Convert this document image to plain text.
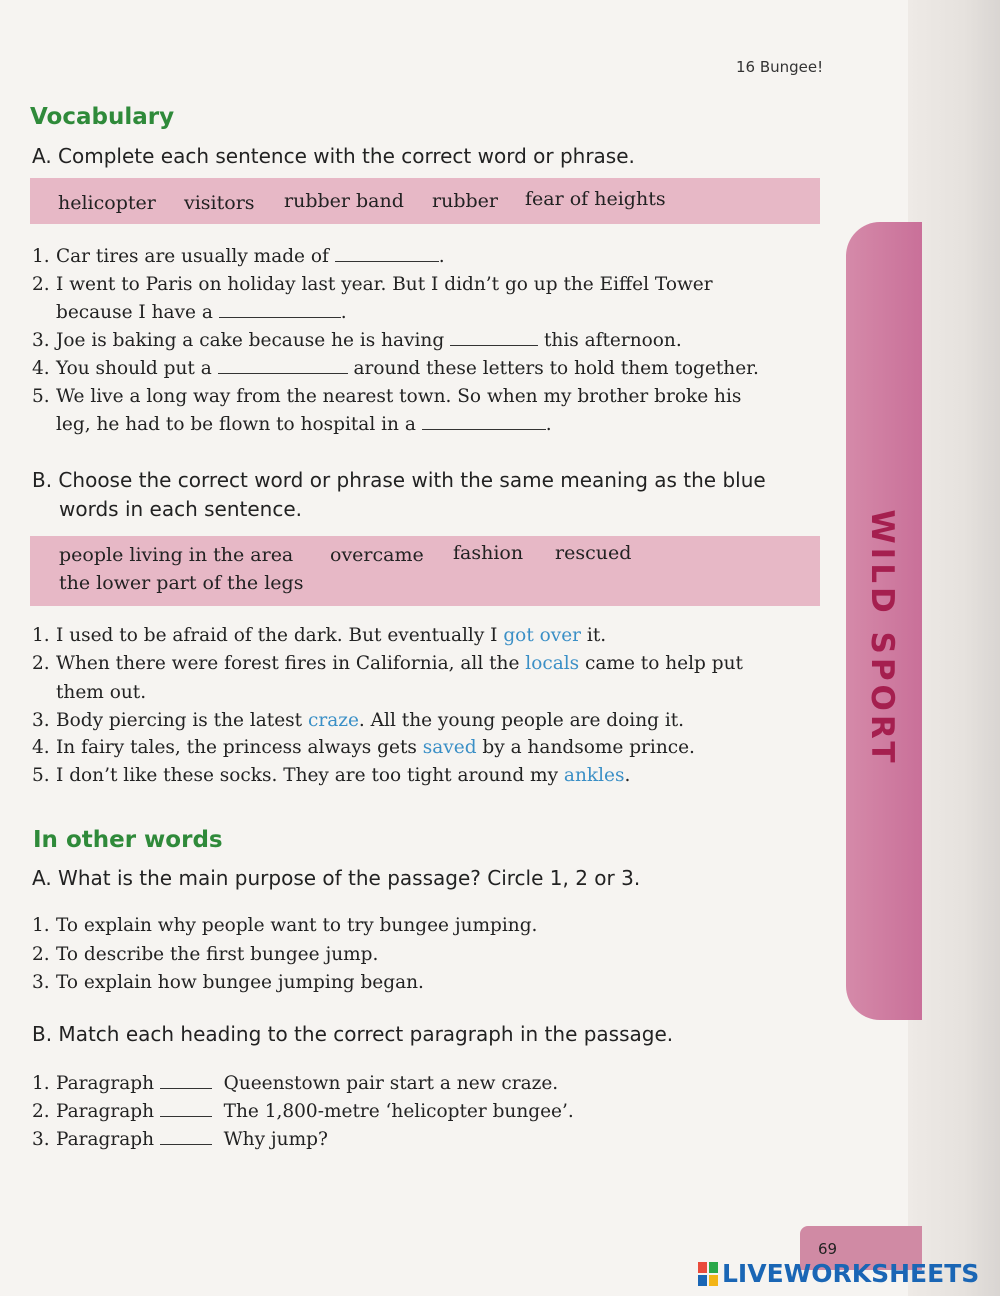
16 Bungee!
Vocabulary
A. Complete each sentence with the correct word or phrase.
helicopter visitors rubber band rubber fear of heights
1. Car tires are usually made of	.
2. I went to Paris on holiday last year. But I didn’t go up the Eiffel Tower
because I have a	.
3. Joe is baking a cake because he is having	this afternoon.
4. You should put a	around these letters to hold them together.
5. We live a long way from the nearest town. So when my brother broke his
leg, he had to be flown to hospital in a	.
B. Choose the correct word or phrase with the same meaning as the blue
words in each sentence.
people living in the area overcame fashion rescued
the lower part of the legs
1. I used to be afraid of the dark. But eventually I got over it.
2. When there were forest fires in California, all the locals came to help put
them out.
3. Body piercing is the latest craze. All the young people are doing it.
4. In fairy tales, the princess always gets saved by a handsome prince.
5. I don’t like these socks. They are too tight around my ankles.
In other words
A. What is the main purpose of the passage? Circle 1, 2 or 3.
1. To explain why people want to try bungee jumping.
2. To describe the first bungee jump.
3. To explain how bungee jumping began.
B. Match each heading to the correct paragraph in the passage.
1. Paragraph	Queenstown pair start a new craze.
2. Paragraph	The 1,800-metre ‘helicopter bungee’.
3. Paragraph	Why jump?
WILD SPORT
69
LIVEWORKSHEETS
